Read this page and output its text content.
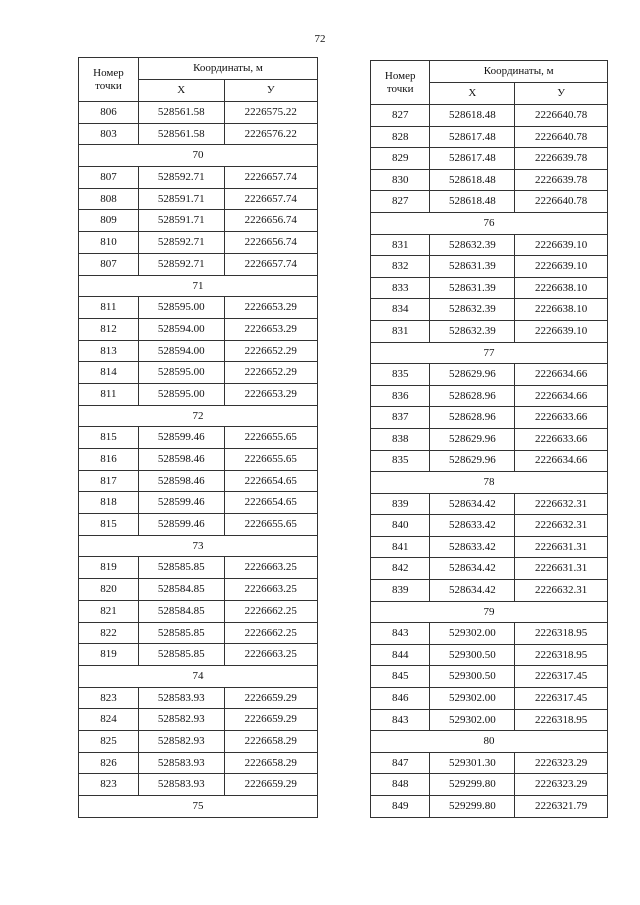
72
Номер точки	Координаты, м	
	X	У
806	528561.58	2226575.22
803	528561.58	2226576.22
70		
807	528592.71	2226657.74
808	528591.71	2226657.74
809	528591.71	2226656.74
810	528592.71	2226656.74
807	528592.71	2226657.74
71		
811	528595.00	2226653.29
812	528594.00	2226653.29
813	528594.00	2226652.29
814	528595.00	2226652.29
811	528595.00	2226653.29
72		
815	528599.46	2226655.65
816	528598.46	2226655.65
817	528598.46	2226654.65
818	528599.46	2226654.65
815	528599.46	2226655.65
73		
819	528585.85	2226663.25
820	528584.85	2226663.25
821	528584.85	2226662.25
822	528585.85	2226662.25
819	528585.85	2226663.25
74		
823	528583.93	2226659.29
824	528582.93	2226659.29
825	528582.93	2226658.29
826	528583.93	2226658.29
823	528583.93	2226659.29
75		
Номер точки	Координаты, м	
	X	У
827	528618.48	2226640.78
828	528617.48	2226640.78
829	528617.48	2226639.78
830	528618.48	2226639.78
827	528618.48	2226640.78
76		
831	528632.39	2226639.10
832	528631.39	2226639.10
833	528631.39	2226638.10
834	528632.39	2226638.10
831	528632.39	2226639.10
77		
835	528629.96	2226634.66
836	528628.96	2226634.66
837	528628.96	2226633.66
838	528629.96	2226633.66
835	528629.96	2226634.66
78		
839	528634.42	2226632.31
840	528633.42	2226632.31
841	528633.42	2226631.31
842	528634.42	2226631.31
839	528634.42	2226632.31
79		
843	529302.00	2226318.95
844	529300.50	2226318.95
845	529300.50	2226317.45
846	529302.00	2226317.45
843	529302.00	2226318.95
80		
847	529301.30	2226323.29
848	529299.80	2226323.29
849	529299.80	2226321.79
